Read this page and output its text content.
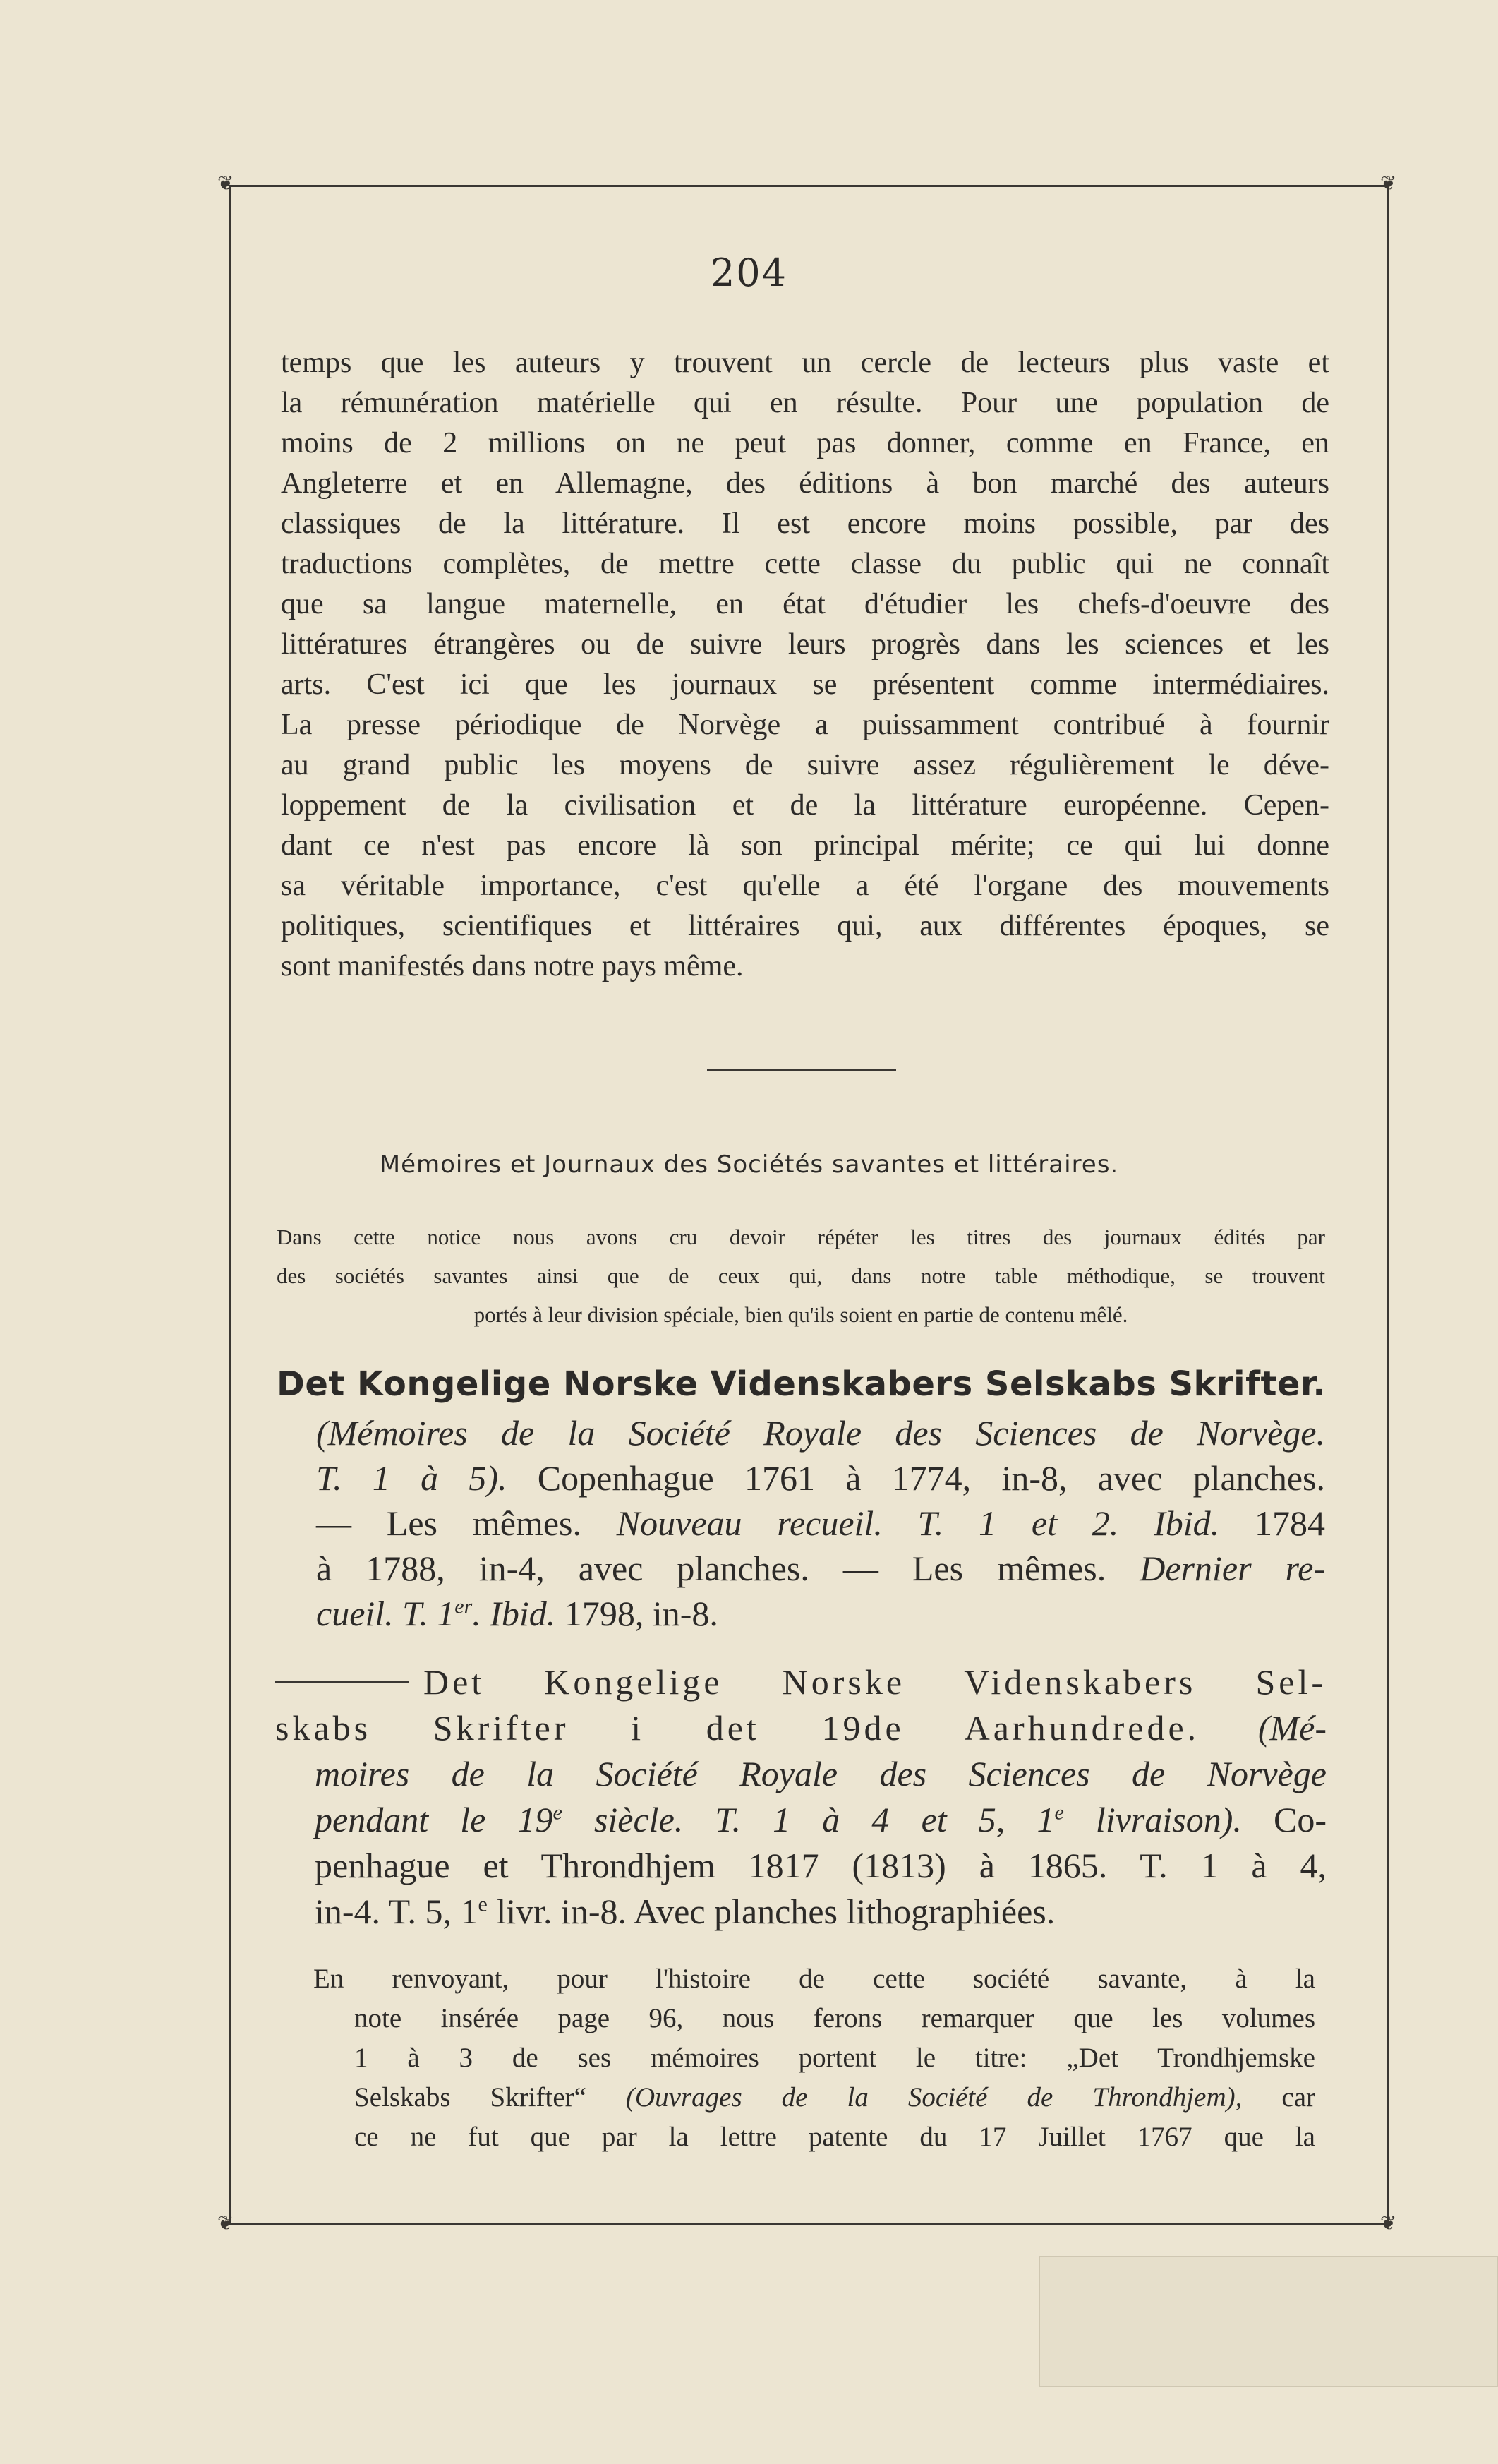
❦	❦
❦	❦
204

temps que les auteurs y trouvent un cercle de lecteurs plus vaste et
la rémunération matérielle qui en résulte. Pour une population de
moins de 2 millions on ne peut pas donner, comme en France, en
Angleterre et en Allemagne, des éditions à bon marché des auteurs
classiques de la littérature. Il est encore moins possible, par des
traductions complètes, de mettre cette classe du public qui ne connaît
que sa langue maternelle, en état d'étudier les chefs-d'oeuvre des
littératures étrangères ou de suivre leurs progrès dans les sciences et les
arts. C'est ici que les journaux se présentent comme intermédiaires.
La presse périodique de Norvège a puissamment contribué à fournir
au grand public les moyens de suivre assez régulièrement le déve-
loppement de la civilisation et de la littérature européenne. Cepen-
dant ce n'est pas encore là son principal mérite; ce qui lui donne
sa véritable importance, c'est qu'elle a été l'organe des mouvements
politiques, scientifiques et littéraires qui, aux différentes époques, se
sont manifestés dans notre pays même.

Mémoires et Journaux des Sociétés savantes et littéraires.

Dans cette notice nous avons cru devoir répéter les titres des journaux édités par
des sociétés savantes ainsi que de ceux qui, dans notre table méthodique, se trouvent
portés à leur division spéciale, bien qu'ils soient en partie de contenu mêlé.

Det Kongelige Norske Videnskabers Selskabs Skrifter.

(Mémoires de la Société Royale des Sciences de Norvège.
T. 1 à 5). Copenhague 1761 à 1774, in-8, avec planches.
— Les mêmes. Nouveau recueil. T. 1 et 2. Ibid. 1784
à 1788, in-4, avec planches. — Les mêmes. Dernier re-
cueil. T. 1er. Ibid. 1798, in-8.

Det Kongelige Norske Videnskabers Sel-
skabs Skrifter i det 19de Aarhundrede. (Mé-
moires de la Société Royale des Sciences de Norvège
pendant le 19e siècle. T. 1 à 4 et 5, 1e livraison). Co-
penhague et Throndhjem 1817 (1813) à 1865. T. 1 à 4,
in-4. T. 5, 1e livr. in-8. Avec planches lithographiées.

En renvoyant, pour l'histoire de cette société savante, à la
note insérée page 96, nous ferons remarquer que les volumes
1 à 3 de ses mémoires portent le titre: „Det Trondhjemske
Selskabs Skrifter“ (Ouvrages de la Société de Throndhjem), car
ce ne fut que par la lettre patente du 17 Juillet 1767 que la
